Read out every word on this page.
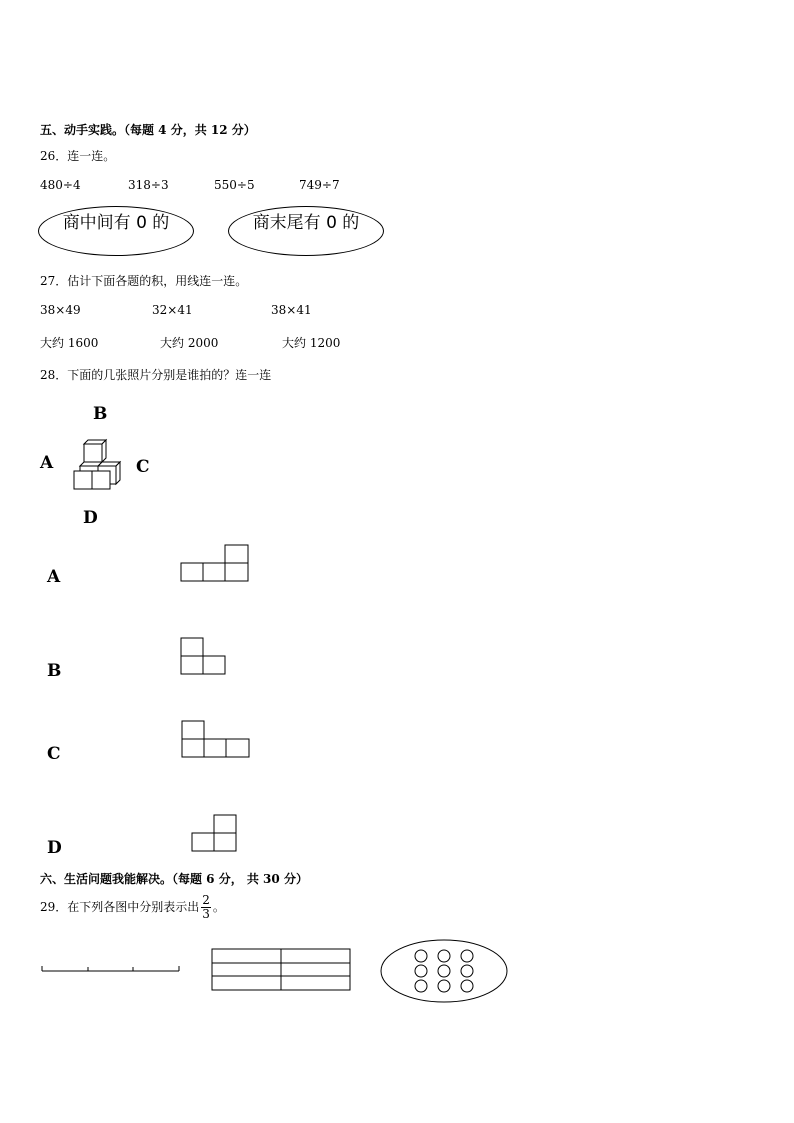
五、动手实践。（每题 4 分，共 12 分）
26．连一连。
480÷4	318÷3	550÷5	749÷7
商中间有 0 的	商末尾有 0 的
27．估计下面各题的积，用线连一连。
38×49	32×41	38×41
大约 1600	大约 2000	大约 1200
28．下面的几张照片分别是谁拍的？连一连
B
A	C
D
A
B
C
D
六、生活问题我能解决。（每题 6 分， 共 30 分）
29．在下列各图中分别表示出 $\frac{2}{3}$ 。
